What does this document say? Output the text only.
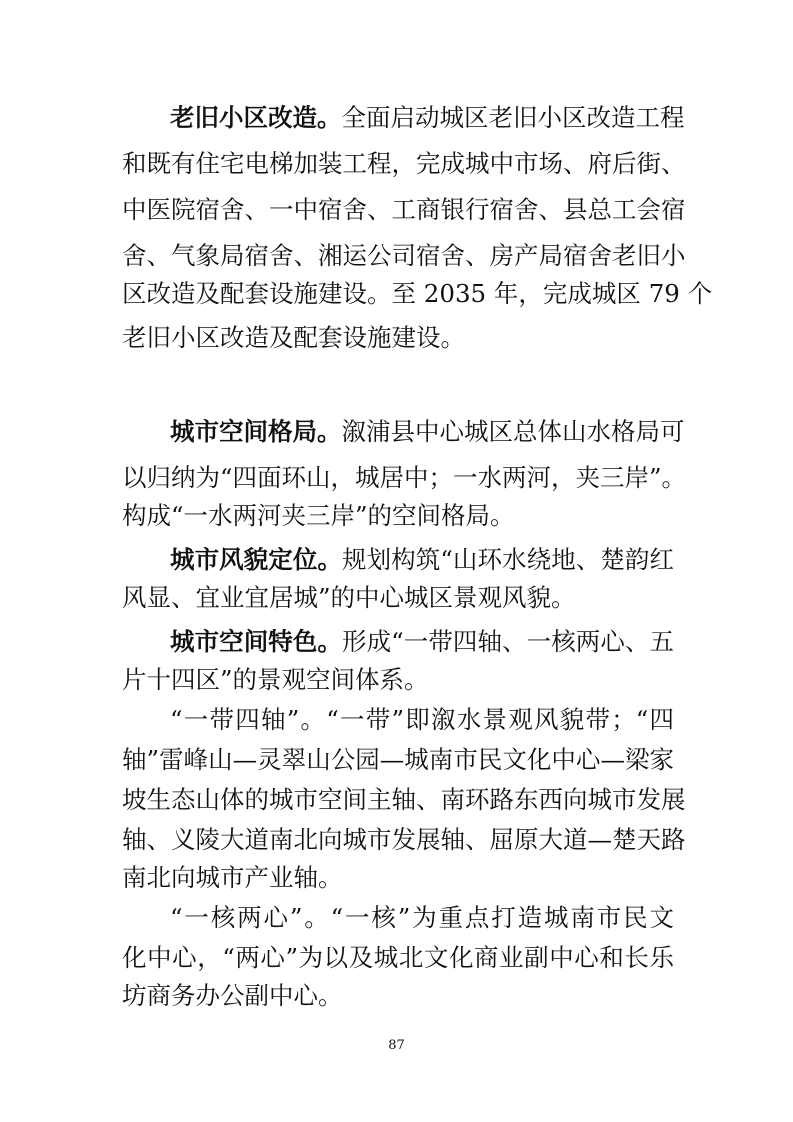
老旧小区改造。全面启动城区老旧小区改造工程
和既有住宅电梯加装工程，完成城中市场、府后街、
中医院宿舍、一中宿舍、工商银行宿舍、县总工会宿
舍、气象局宿舍、湘运公司宿舍、房产局宿舍老旧小
区改造及配套设施建设。至 2035 年，完成城区 79 个
老旧小区改造及配套设施建设。
城市空间格局。溆浦县中心城区总体山水格局可
以归纳为“四面环山，城居中；一水两河，夹三岸”。
构成“一水两河夹三岸”的空间格局。
城市风貌定位。规划构筑“山环水绕地、楚韵红
风显、宜业宜居城”的中心城区景观风貌。
城市空间特色。形成“一带四轴、一核两心、五
片十四区”的景观空间体系。
“一带四轴”。“一带”即溆水景观风貌带；“四
轴”雷峰山—灵翠山公园—城南市民文化中心—梁家
坡生态山体的城市空间主轴、南环路东西向城市发展
轴、义陵大道南北向城市发展轴、屈原大道—楚天路
南北向城市产业轴。
“一核两心”。“一核”为重点打造城南市民文
化中心，“两心”为以及城北文化商业副中心和长乐
坊商务办公副中心。
87
